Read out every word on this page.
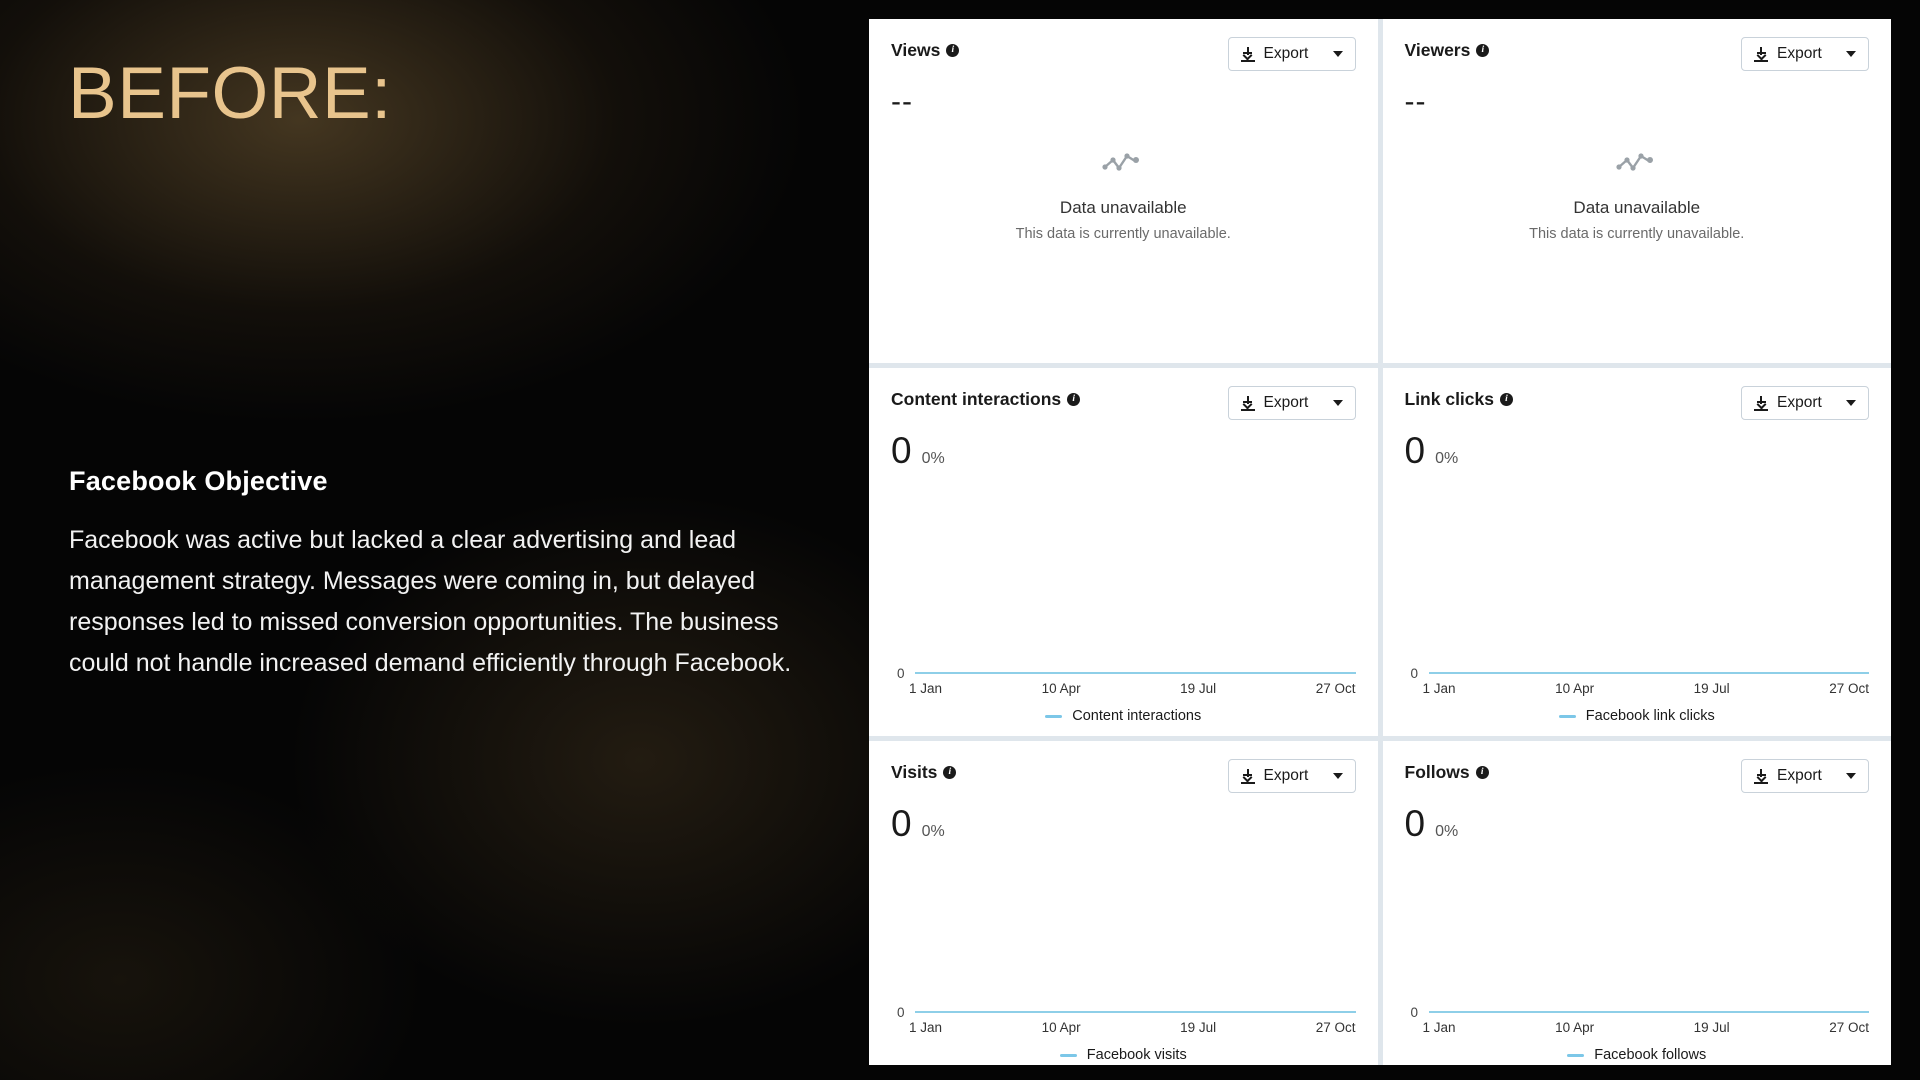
BEFORE:
Facebook Objective
Facebook was active but lacked a clear advertising and lead management strategy. Messages were coming in, but delayed responses led to missed conversion opportunities. The business could not handle increased demand efficiently through Facebook.
Views	i	Export
--
Data unavailable
This data is currently unavailable.
Viewers	i	Export
--
Data unavailable
This data is currently unavailable.
Content interactions	i	Export
0 0%
0
1 Jan	10 Apr	19 Jul	27 Oct
Content interactions
Link clicks	i	Export
0 0%
0
1 Jan	10 Apr	19 Jul	27 Oct
Facebook link clicks
Visits	i	Export
0 0%
0
1 Jan	10 Apr	19 Jul	27 Oct
Facebook visits
Follows	i	Export
0 0%
0
1 Jan	10 Apr	19 Jul	27 Oct
Facebook follows
